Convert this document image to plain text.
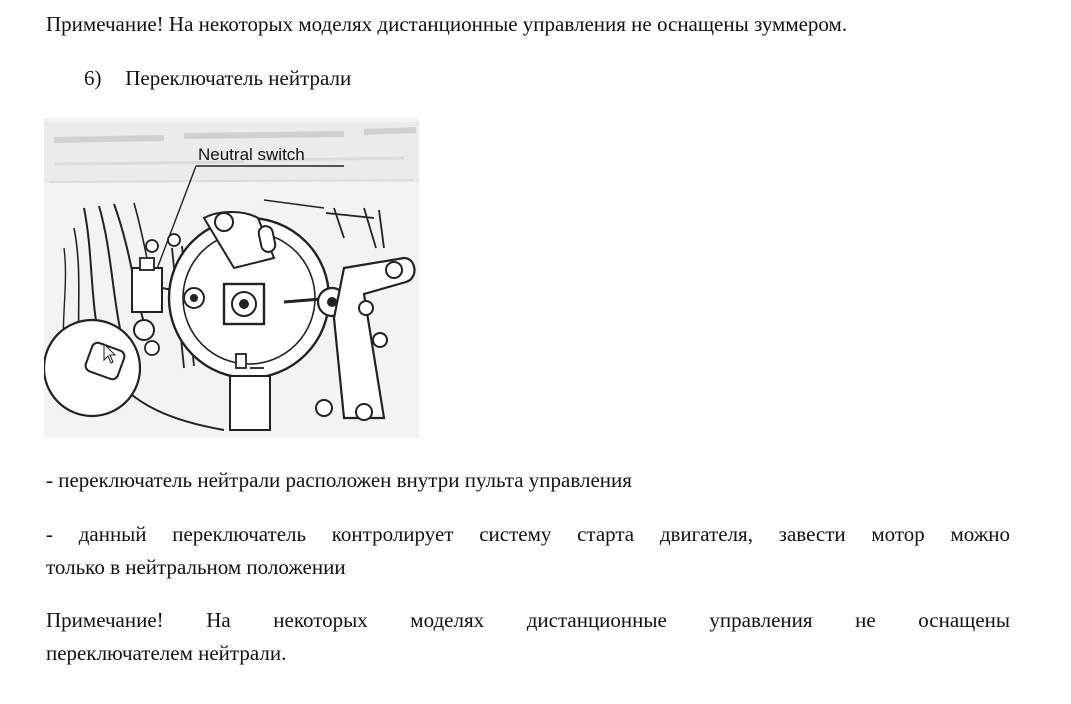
Примечание! На некоторых моделях дистанционные управления не оснащены зуммером.
6) Переключатель нейтрали
Neutral switch
- переключатель нейтрали расположен внутри пульта управления
- данный переключатель контролирует систему старта двигателя, завести мотор можно
только в нейтральном положении
Примечание! На некоторых моделях дистанционные управления не оснащены
переключателем нейтрали.
